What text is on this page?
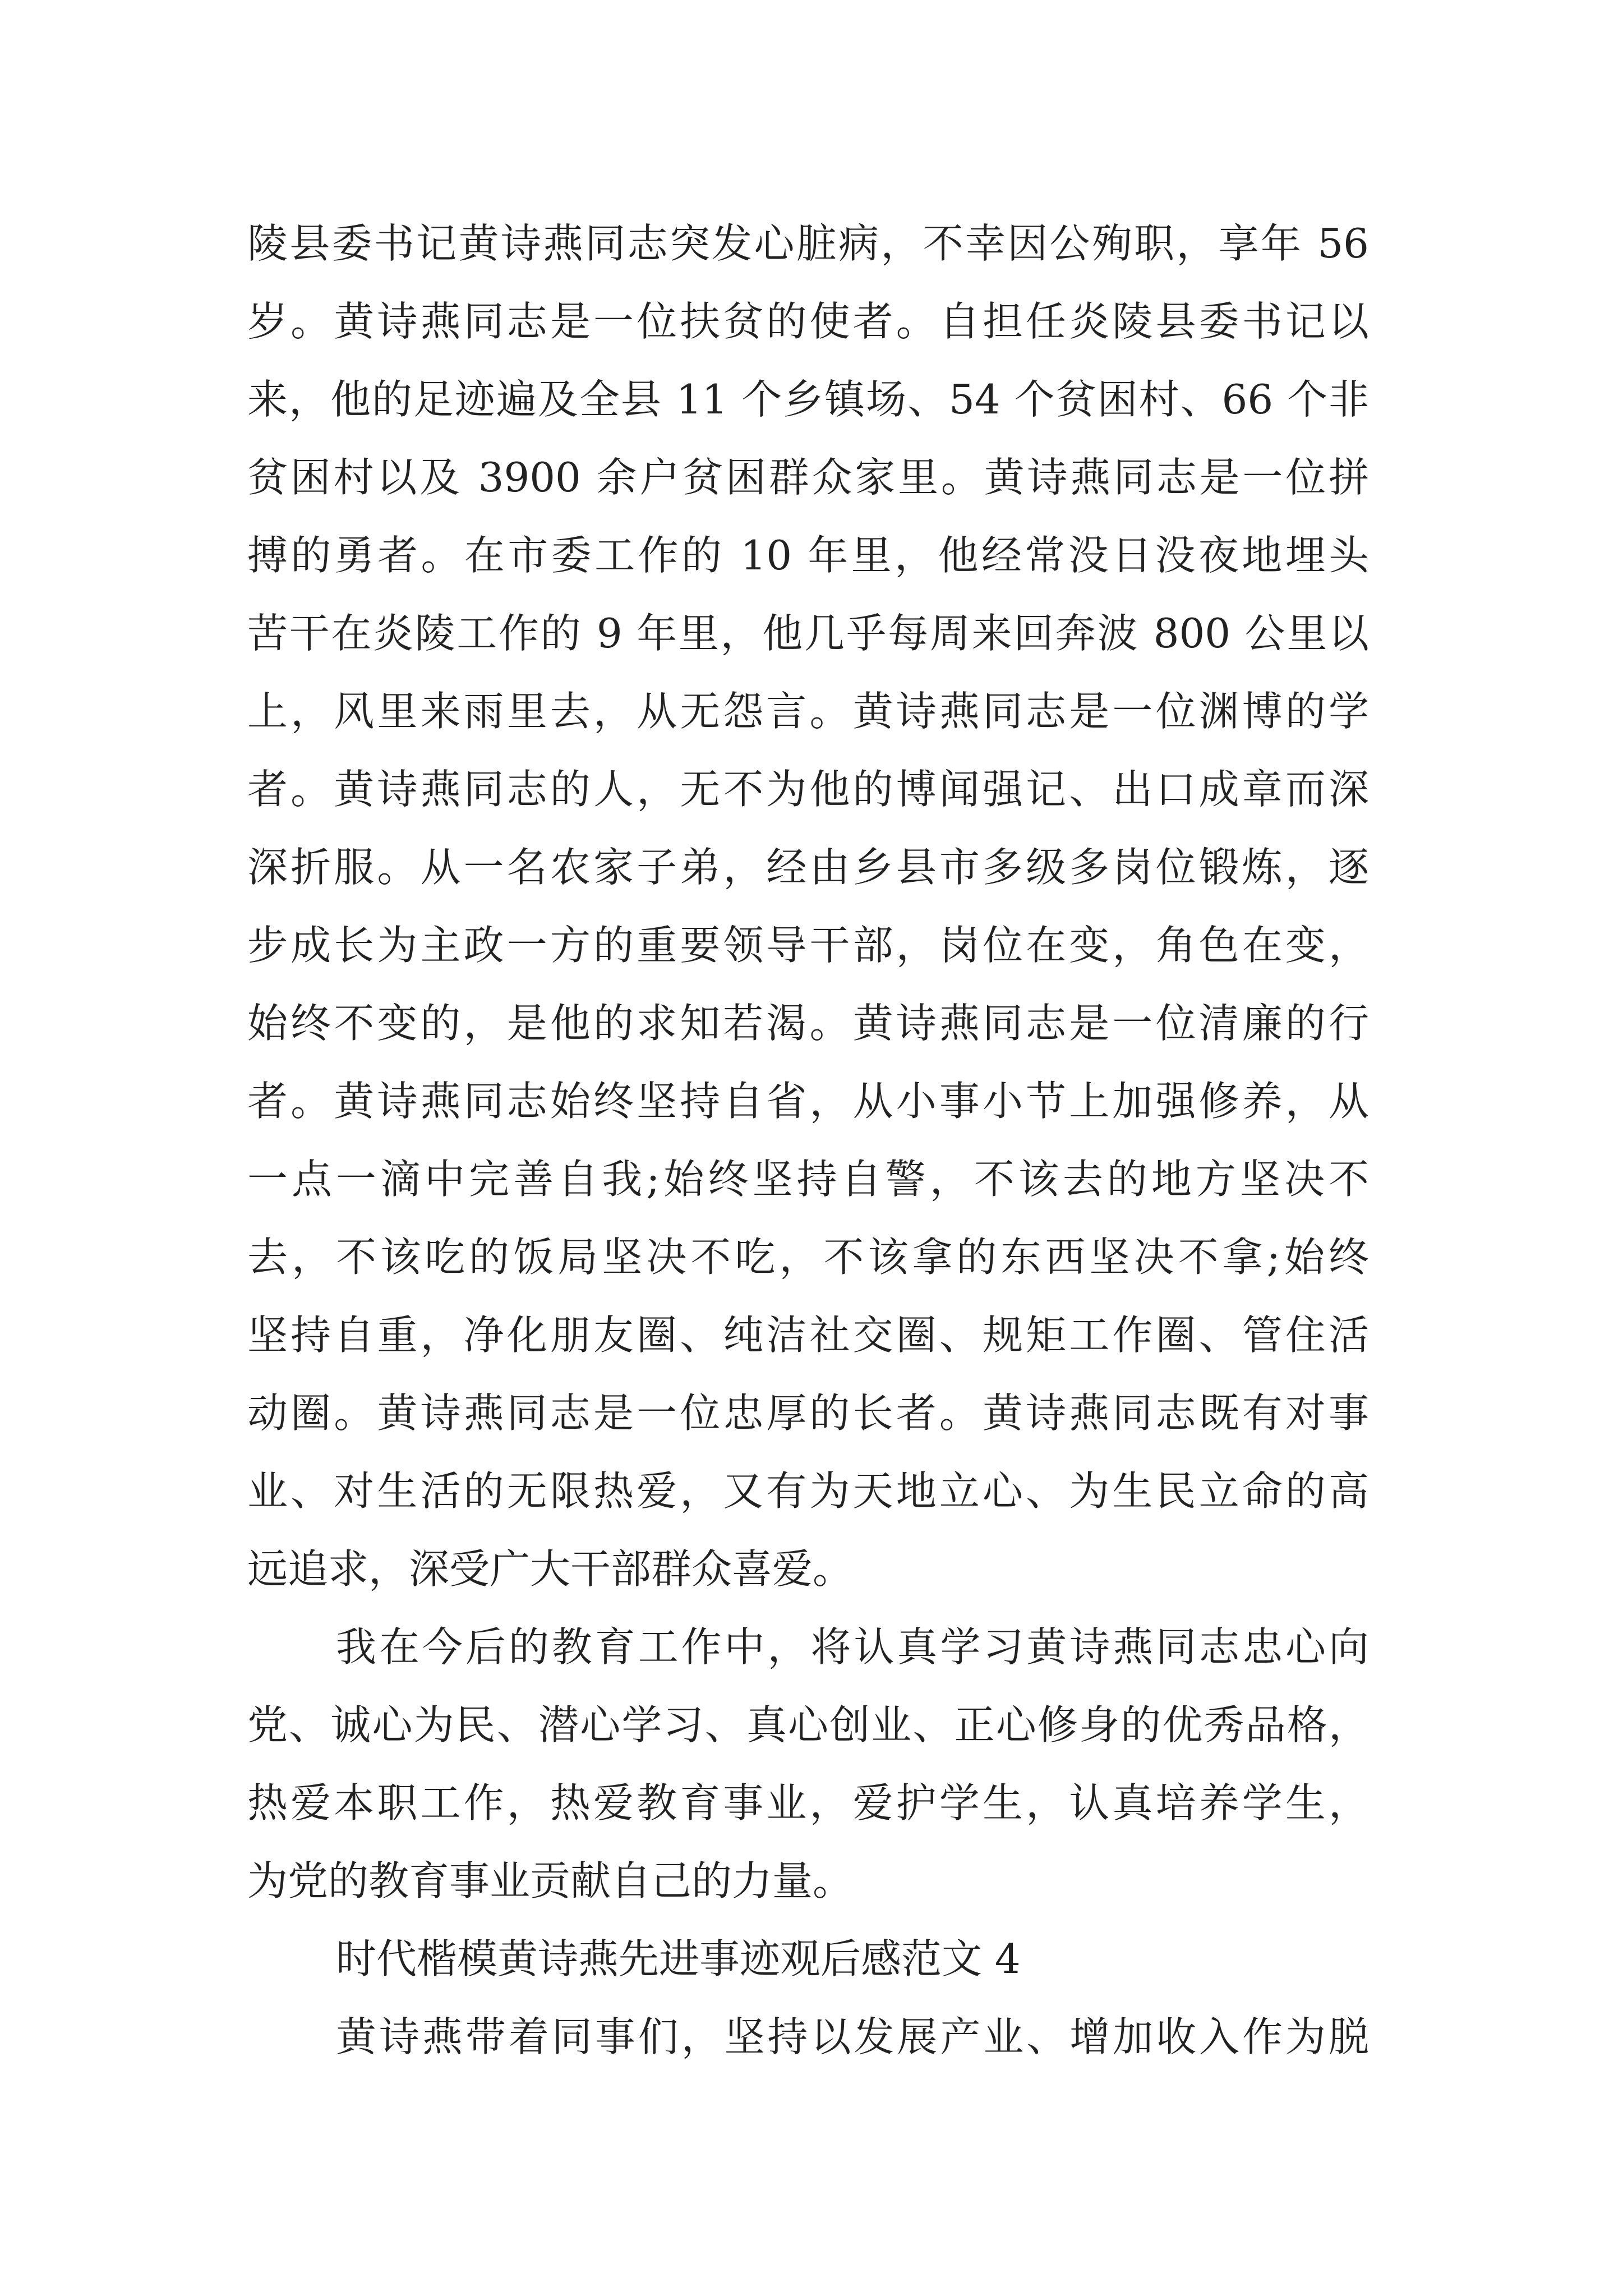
陵县委书记黄诗燕同志突发心脏病，不幸因公殉职，享年 56
岁。黄诗燕同志是一位扶贫的使者。自担任炎陵县委书记以
来，他的足迹遍及全县 11 个乡镇场、54 个贫困村、66 个非
贫困村以及 3900 余户贫困群众家里。黄诗燕同志是一位拼
搏的勇者。在市委工作的 10 年里，他经常没日没夜地埋头
苦干在炎陵工作的 9 年里，他几乎每周来回奔波 800 公里以
上，风里来雨里去，从无怨言。黄诗燕同志是一位渊博的学
者。黄诗燕同志的人，无不为他的博闻强记、出口成章而深
深折服。从一名农家子弟，经由乡县市多级多岗位锻炼，逐
步成长为主政一方的重要领导干部，岗位在变，角色在变，
始终不变的，是他的求知若渴。黄诗燕同志是一位清廉的行
者。黄诗燕同志始终坚持自省，从小事小节上加强修养，从
一点一滴中完善自我;始终坚持自警，不该去的地方坚决不
去，不该吃的饭局坚决不吃，不该拿的东西坚决不拿;始终
坚持自重，净化朋友圈、纯洁社交圈、规矩工作圈、管住活
动圈。黄诗燕同志是一位忠厚的长者。黄诗燕同志既有对事
业、对生活的无限热爱，又有为天地立心、为生民立命的高
远追求，深受广大干部群众喜爱。
我在今后的教育工作中，将认真学习黄诗燕同志忠心向
党、诚心为民、潜心学习、真心创业、正心修身的优秀品格，
热爱本职工作，热爱教育事业，爱护学生，认真培养学生，
为党的教育事业贡献自己的力量。
时代楷模黄诗燕先进事迹观后感范文 4
黄诗燕带着同事们，坚持以发展产业、增加收入作为脱
